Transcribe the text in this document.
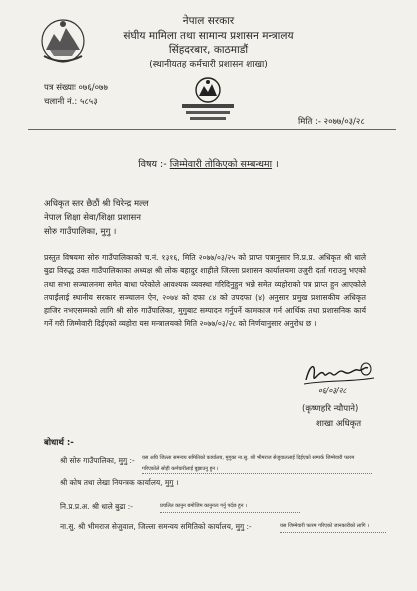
नेपाल सरकार
संघीय मामिला तथा सामान्य प्रशासन मन्त्रालय
सिंहदरबार, काठमाडौं
(स्थानीयतह कर्मचारी प्रशासन शाखा)
पत्र संख्याः ०७६/०७७
चलानी नं.: ५८५३
मिति :- २०७७/०३/२८
विषय :- जिम्मेवारी तोकिएको सम्बन्धमा ।
अधिकृत स्तर छैठौं श्री चिरेन्द्र मल्ल
नेपाल शिक्षा सेवा/शिक्षा प्रशासन
सोरु गाउँपालिका, मुगु ।
प्रस्तुत विषयमा सोरु गाउँपालिकाको च.नं. १३१६, मिति २०७७/०३/२५ को प्राप्त पत्रानुसार नि.प्र.प्र. अधिकृत श्री धाले बुढा विरुद्ध उक्त गाउँपालिकाका अध्यक्ष श्री लोक बहादुर शाहीले जिल्ला प्रशासन कार्यालयमा उजुरी दर्ता गराउनु भएको तथा सभा सञ्चालनमा समेत बाधा परेकोले आवश्यक व्यवस्था गरिदिनुहुन भन्ने समेत व्यहोराको पत्र प्राप्त हुन आएकोले तपाईंलाई स्थानीय सरकार सञ्चालन ऐन, २०७४ को दफा ८४ को उपदफा (४) अनुसार प्रमुख प्रशासकीय अधिकृत हाजिर नभएसम्मको लागि श्री सोरु गाउँपालिका, मुगुबाट सम्पादन गर्नुपर्ने कामकाज गर्न आर्थिक तथा प्रशासनिक कार्य गर्ने गरी जिम्मेवारी दिईएको व्यहोरा यस मन्त्रालयको मिति २०७७/०३/२८ को निर्णयानुसार अनुरोध छ ।
०६/०३/२८
(कृष्णहरि न्यौपाने)
शाखा अधिकृत
बोधार्थ :-
श्री सोरु गाउँपालिका, मुगु :- यस अघि जिल्ला समन्वय समितिको कार्यालय, मुगुका ना.सु. श्री भीमराज सेजुवाललाई दिईएको सम्पर्क जिम्मेवारी फारम
गरिएकोले सोही कर्मचारीलाई बुझाउनु हुन ।
श्री कोष तथा लेखा नियन्त्रक कार्यालय, मुगु ।
नि.प्र.प्र.अ. श्री धाले बुढा :-	प्रचलित कानुन बमोजिम कानुनतः गर्नु पर्दछ हुन ।
ना.सु. श्री भीमराज सेजुवाल, जिल्ला समन्वय समितिको कार्यालय, मुगु :-	यस जिम्मेवारी फारम गरिएको जानकारीको लागि ।
